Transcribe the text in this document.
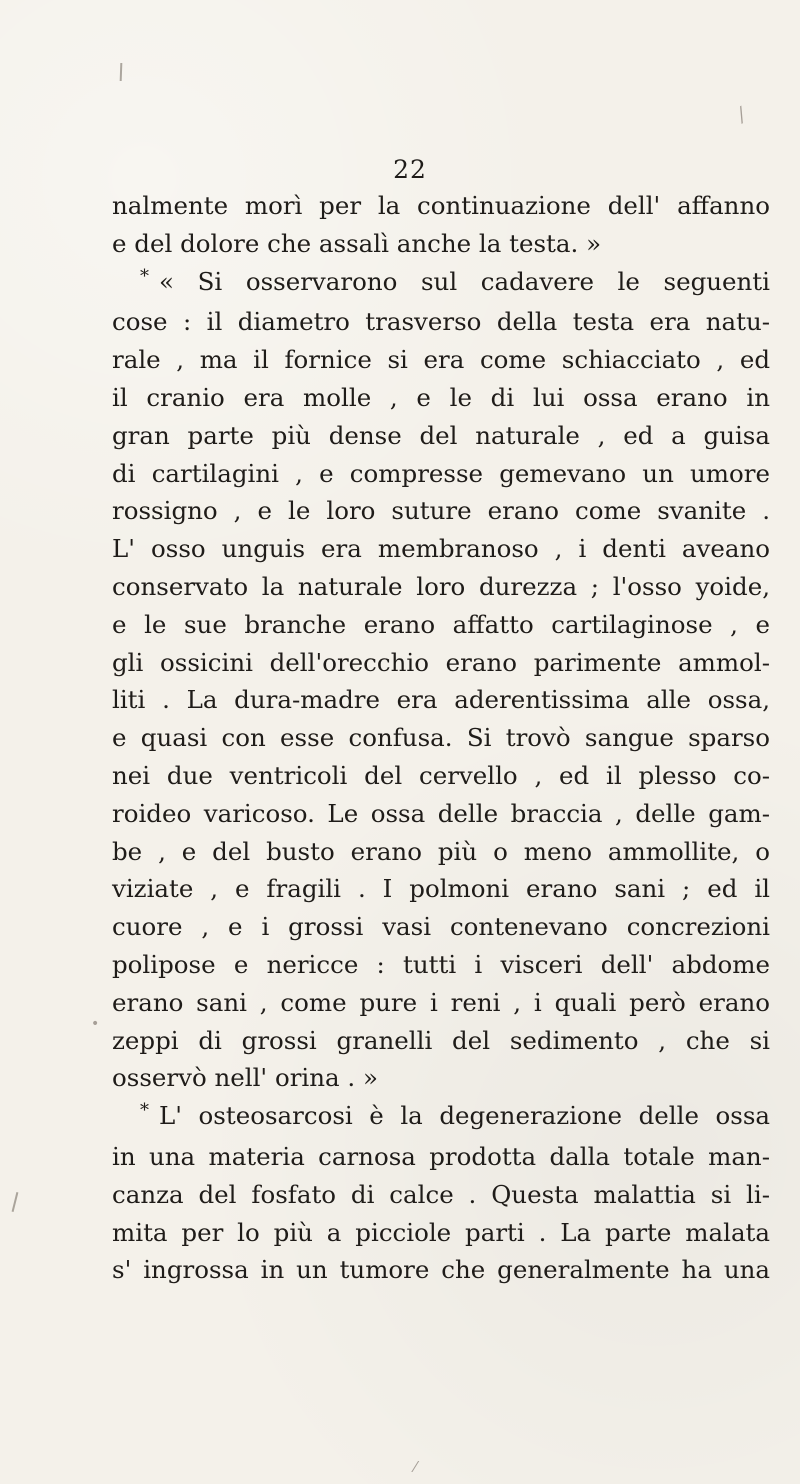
⁄
•
⁄
22
nalmente morì per la continuazione dell' affanno
e del dolore che assalì anche la testa. »
* « Si osservarono sul cadavere le seguenti
cose : il diametro trasverso della testa era natu-
rale , ma il fornice si era come schiacciato , ed
il cranio era molle , e le di lui ossa erano in
gran parte più dense del naturale , ed a guisa
di cartilagini , e compresse gemevano un umore
rossigno , e le loro suture erano come svanite .
L' osso unguis era membranoso , i denti aveano
conservato la naturale loro durezza ; l'osso yoide,
e le sue branche erano affatto cartilaginose , e
gli ossicini dell'orecchio erano parimente ammol-
liti . La dura-madre era aderentissima alle ossa,
e quasi con esse confusa. Si trovò sangue sparso
nei due ventricoli del cervello , ed il plesso co-
roideo varicoso. Le ossa delle braccia , delle gam-
be , e del busto erano più o meno ammollite, o
viziate , e fragili . I polmoni erano sani ; ed il
cuore , e i grossi vasi contenevano concrezioni
polipose e nericce : tutti i visceri dell' abdome
erano sani , come pure i reni , i quali però erano
zeppi di grossi granelli del sedimento , che si
osservò nell' orina . »
* L' osteosarcosi è la degenerazione delle ossa
in una materia carnosa prodotta dalla totale man-
canza del fosfato di calce . Questa malattia si li-
mita per lo più a picciole parti . La parte malata
s' ingrossa in un tumore che generalmente ha una
